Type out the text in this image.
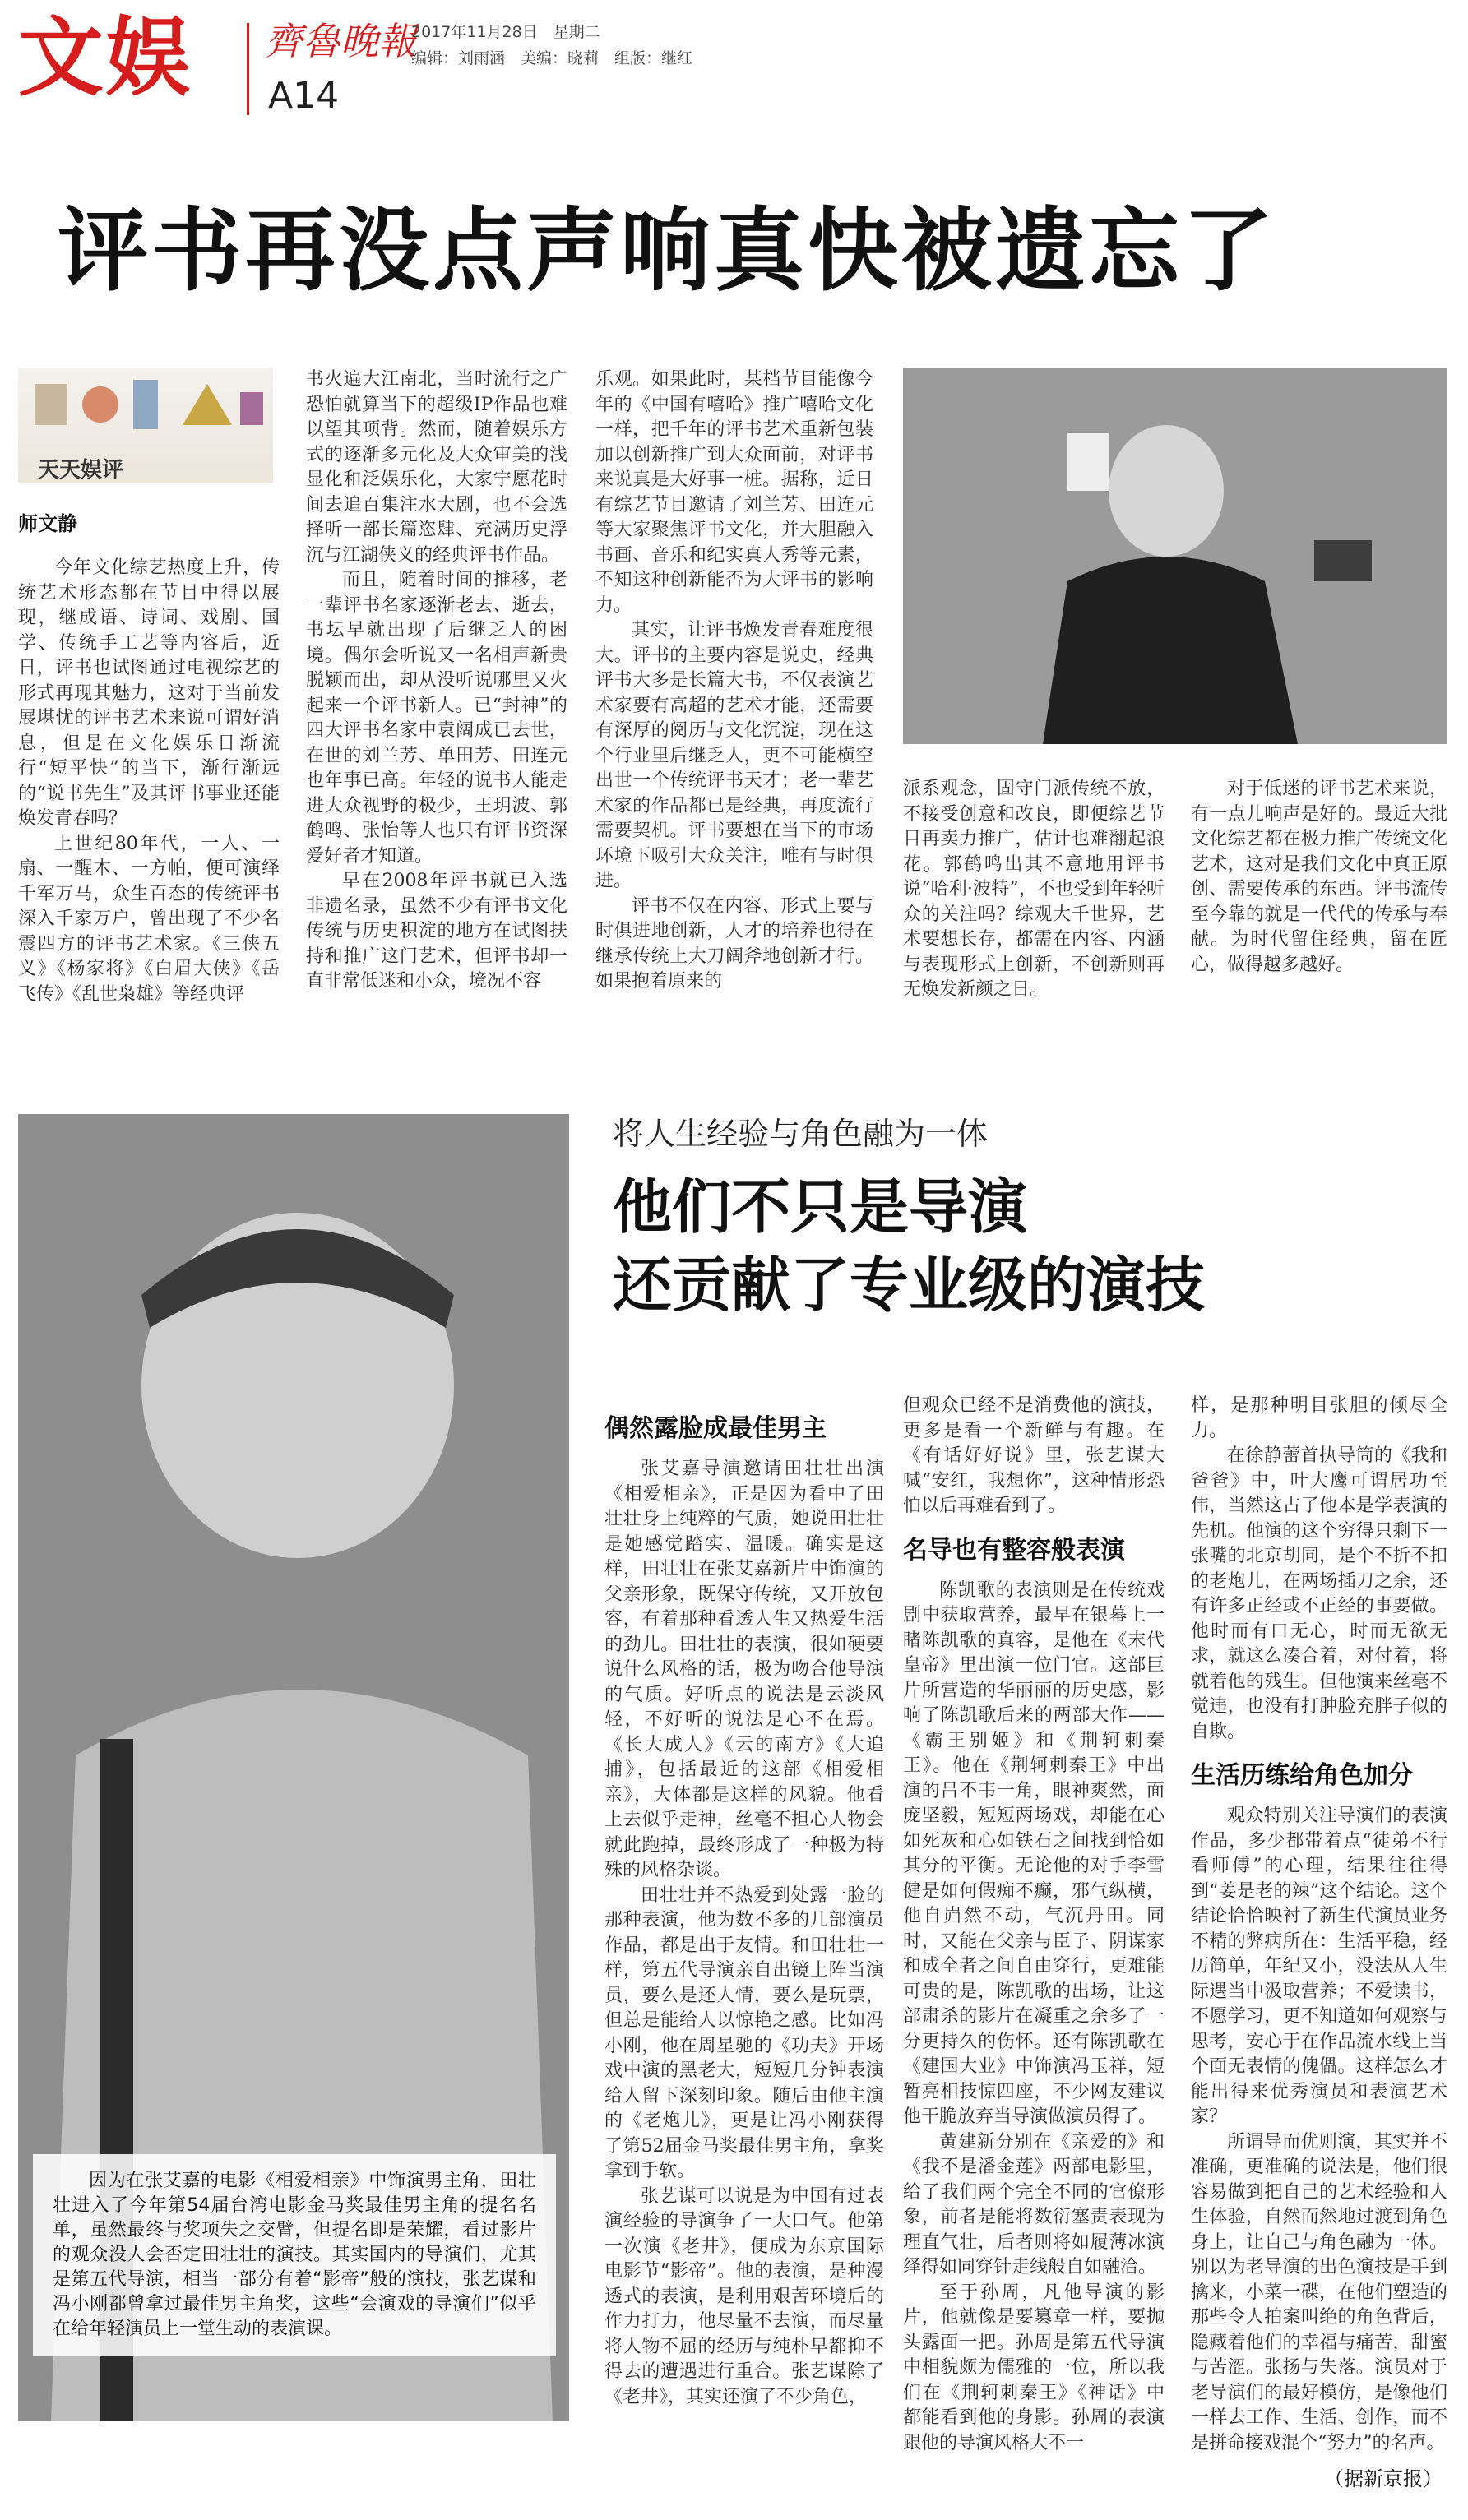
文娱 齊魯晚報
A14
2017年11月28日　星期二
编辑：刘雨涵　美编：晓莉　组版：继红
评书再没点声响真快被遗忘了
天天娱评
师文静

今年文化综艺热度上升，传统艺术形态都在节目中得以展现，继成语、诗词、戏剧、国学、传统手工艺等内容后，近日，评书也试图通过电视综艺的形式再现其魅力，这对于当前发展堪忧的评书艺术来说可谓好消息，但是在文化娱乐日渐流行“短平快”的当下，渐行渐远的“说书先生”及其评书事业还能焕发青春吗？

上世纪80年代，一人、一扇、一醒木、一方帕，便可演绎千军万马，众生百态的传统评书深入千家万户，曾出现了不少名震四方的评书艺术家。《三侠五义》《杨家将》《白眉大侠》《岳飞传》《乱世枭雄》等经典评

书火遍大江南北，当时流行之广恐怕就算当下的超级IP作品也难以望其项背。然而，随着娱乐方式的逐渐多元化及大众审美的浅显化和泛娱乐化，大家宁愿花时间去追百集注水大剧，也不会选择听一部长篇恣肆、充满历史浮沉与江湖侠义的经典评书作品。

而且，随着时间的推移，老一辈评书名家逐渐老去、逝去，书坛早就出现了后继乏人的困境。偶尔会听说又一名相声新贵脱颖而出，却从没听说哪里又火起来一个评书新人。已“封神”的四大评书名家中袁阔成已去世，在世的刘兰芳、单田芳、田连元也年事已高。年轻的说书人能走进大众视野的极少，王玥波、郭鹤鸣、张怡等人也只有评书资深爱好者才知道。

早在2008年评书就已入选非遗名录，虽然不少有评书文化传统与历史积淀的地方在试图扶持和推广这门艺术，但评书却一直非常低迷和小众，境况不容

乐观。如果此时，某档节目能像今年的《中国有嘻哈》推广嘻哈文化一样，把千年的评书艺术重新包装加以创新推广到大众面前，对评书来说真是大好事一桩。据称，近日有综艺节目邀请了刘兰芳、田连元等大家聚焦评书文化，并大胆融入书画、音乐和纪实真人秀等元素，不知这种创新能否为大评书的影响力。

其实，让评书焕发青春难度很大。评书的主要内容是说史，经典评书大多是长篇大书，不仅表演艺术家要有高超的艺术才能，还需要有深厚的阅历与文化沉淀，现在这个行业里后继乏人，更不可能横空出世一个传统评书天才；老一辈艺术家的作品都已是经典，再度流行需要契机。评书要想在当下的市场环境下吸引大众关注，唯有与时俱进。

评书不仅在内容、形式上要与时俱进地创新，人才的培养也得在继承传统上大刀阔斧地创新才行。如果抱着原来的

派系观念，固守门派传统不放，不接受创意和改良，即便综艺节目再卖力推广，估计也难翻起浪花。郭鹤鸣出其不意地用评书说“哈利·波特”，不也受到年轻听众的关注吗？综观大千世界，艺术要想长存，都需在内容、内涵与表现形式上创新，不创新则再无焕发新颜之日。

对于低迷的评书艺术来说，有一点儿响声是好的。最近大批文化综艺都在极力推广传统文化艺术，这对是我们文化中真正原创、需要传承的东西。评书流传至今靠的就是一代代的传承与奉献。为时代留住经典，留在匠心，做得越多越好。

因为在张艾嘉的电影《相爱相亲》中饰演男主角，田壮壮进入了今年第54届台湾电影金马奖最佳男主角的提名名单，虽然最终与奖项失之交臂，但提名即是荣耀，看过影片的观众没人会否定田壮壮的演技。其实国内的导演们，尤其是第五代导演，相当一部分有着“影帝”般的演技，张艺谋和冯小刚都曾拿过最佳男主角奖，这些“会演戏的导演们”似乎在给年轻演员上一堂生动的表演课。
将人生经验与角色融为一体
他们不只是导演
还贡献了专业级的演技
偶然露脸成最佳男主

张艾嘉导演邀请田壮壮出演《相爱相亲》，正是因为看中了田壮壮身上纯粹的气质，她说田壮壮是她感觉踏实、温暖。确实是这样，田壮壮在张艾嘉新片中饰演的父亲形象，既保守传统，又开放包容，有着那种看透人生又热爱生活的劲儿。田壮壮的表演，很如硬要说什么风格的话，极为吻合他导演的气质。好听点的说法是云淡风轻，不好听的说法是心不在焉。《长大成人》《云的南方》《大追捕》，包括最近的这部《相爱相亲》，大体都是这样的风貌。他看上去似乎走神，丝毫不担心人物会就此跑掉，最终形成了一种极为特殊的风格杂谈。

田壮壮并不热爱到处露一脸的那种表演，他为数不多的几部演员作品，都是出于友情。和田壮壮一样，第五代导演亲自出镜上阵当演员，要么是还人情，要么是玩票，但总是能给人以惊艳之感。比如冯小刚，他在周星驰的《功夫》开场戏中演的黑老大，短短几分钟表演给人留下深刻印象。随后由他主演的《老炮儿》，更是让冯小刚获得了第52届金马奖最佳男主角，拿奖拿到手软。

张艺谋可以说是为中国有过表演经验的导演争了一大口气。他第一次演《老井》，便成为东京国际电影节“影帝”。他的表演，是种漫透式的表演，是利用艰苦环境后的作力打力，他尽量不去演，而尽量将人物不屈的经历与纯朴早都抑不得去的遭遇进行重合。张艺谋除了《老井》，其实还演了不少角色，

但观众已经不是消费他的演技，更多是看一个新鲜与有趣。在《有话好好说》里，张艺谋大喊“安红，我想你”，这种情形恐怕以后再难看到了。

名导也有整容般表演

陈凯歌的表演则是在传统戏剧中获取营养，最早在银幕上一睹陈凯歌的真容，是他在《末代皇帝》里出演一位门官。这部巨片所营造的华丽丽的历史感，影响了陈凯歌后来的两部大作——《霸王别姬》和《荆轲刺秦王》。他在《荆轲刺秦王》中出演的吕不韦一角，眼神爽然，面庞坚毅，短短两场戏，却能在心如死灰和心如铁石之间找到恰如其分的平衡。无论他的对手李雪健是如何假痴不癫，邪气纵横，他自岿然不动，气沉丹田。同时，又能在父亲与臣子、阴谋家和成全者之间自由穿行，更难能可贵的是，陈凯歌的出场，让这部肃杀的影片在凝重之余多了一分更持久的伤怀。还有陈凯歌在《建国大业》中饰演冯玉祥，短暂亮相技惊四座，不少网友建议他干脆放弃当导演做演员得了。

黄建新分别在《亲爱的》和《我不是潘金莲》两部电影里，给了我们两个完全不同的官僚形象，前者是能将数衍塞责表现为理直气壮，后者则将如履薄冰演绎得如同穿针走线般自如融洽。

至于孙周，凡他导演的影片，他就像是要篡章一样，要抛头露面一把。孙周是第五代导演中相貌颇为儒雅的一位，所以我们在《荆轲刺秦王》《神话》中都能看到他的身影。孙周的表演跟他的导演风格大不一

样，是那种明目张胆的倾尽全力。

在徐静蕾首执导筒的《我和爸爸》中，叶大鹰可谓居功至伟，当然这占了他本是学表演的先机。他演的这个穷得只剩下一张嘴的北京胡同，是个不折不扣的老炮儿，在两场插刀之余，还有许多正经或不正经的事要做。他时而有口无心，时而无欲无求，就这么凑合着，对付着，将就着他的残生。但他演来丝毫不觉违，也没有打肿脸充胖子似的自欺。

生活历练给角色加分

观众特别关注导演们的表演作品，多少都带着点“徒弟不行看师傅”的心理，结果往往得到“姜是老的辣”这个结论。这个结论恰恰映衬了新生代演员业务不精的弊病所在：生活平稳，经历简单，年纪又小，没法从人生际遇当中汲取营养；不爱读书，不愿学习，更不知道如何观察与思考，安心于在作品流水线上当个面无表情的傀儡。这样怎么才能出得来优秀演员和表演艺术家？

所谓导而优则演，其实并不准确，更准确的说法是，他们很容易做到把自己的艺术经验和人生体验，自然而然地过渡到角色身上，让自己与角色融为一体。别以为老导演的出色演技是手到擒来，小菜一碟，在他们塑造的那些令人拍案叫绝的角色背后，隐藏着他们的幸福与痛苦，甜蜜与苦涩。张扬与失落。演员对于老导演们的最好模仿，是像他们一样去工作、生活、创作，而不是拼命接戏混个“努力”的名声。

（据新京报）
